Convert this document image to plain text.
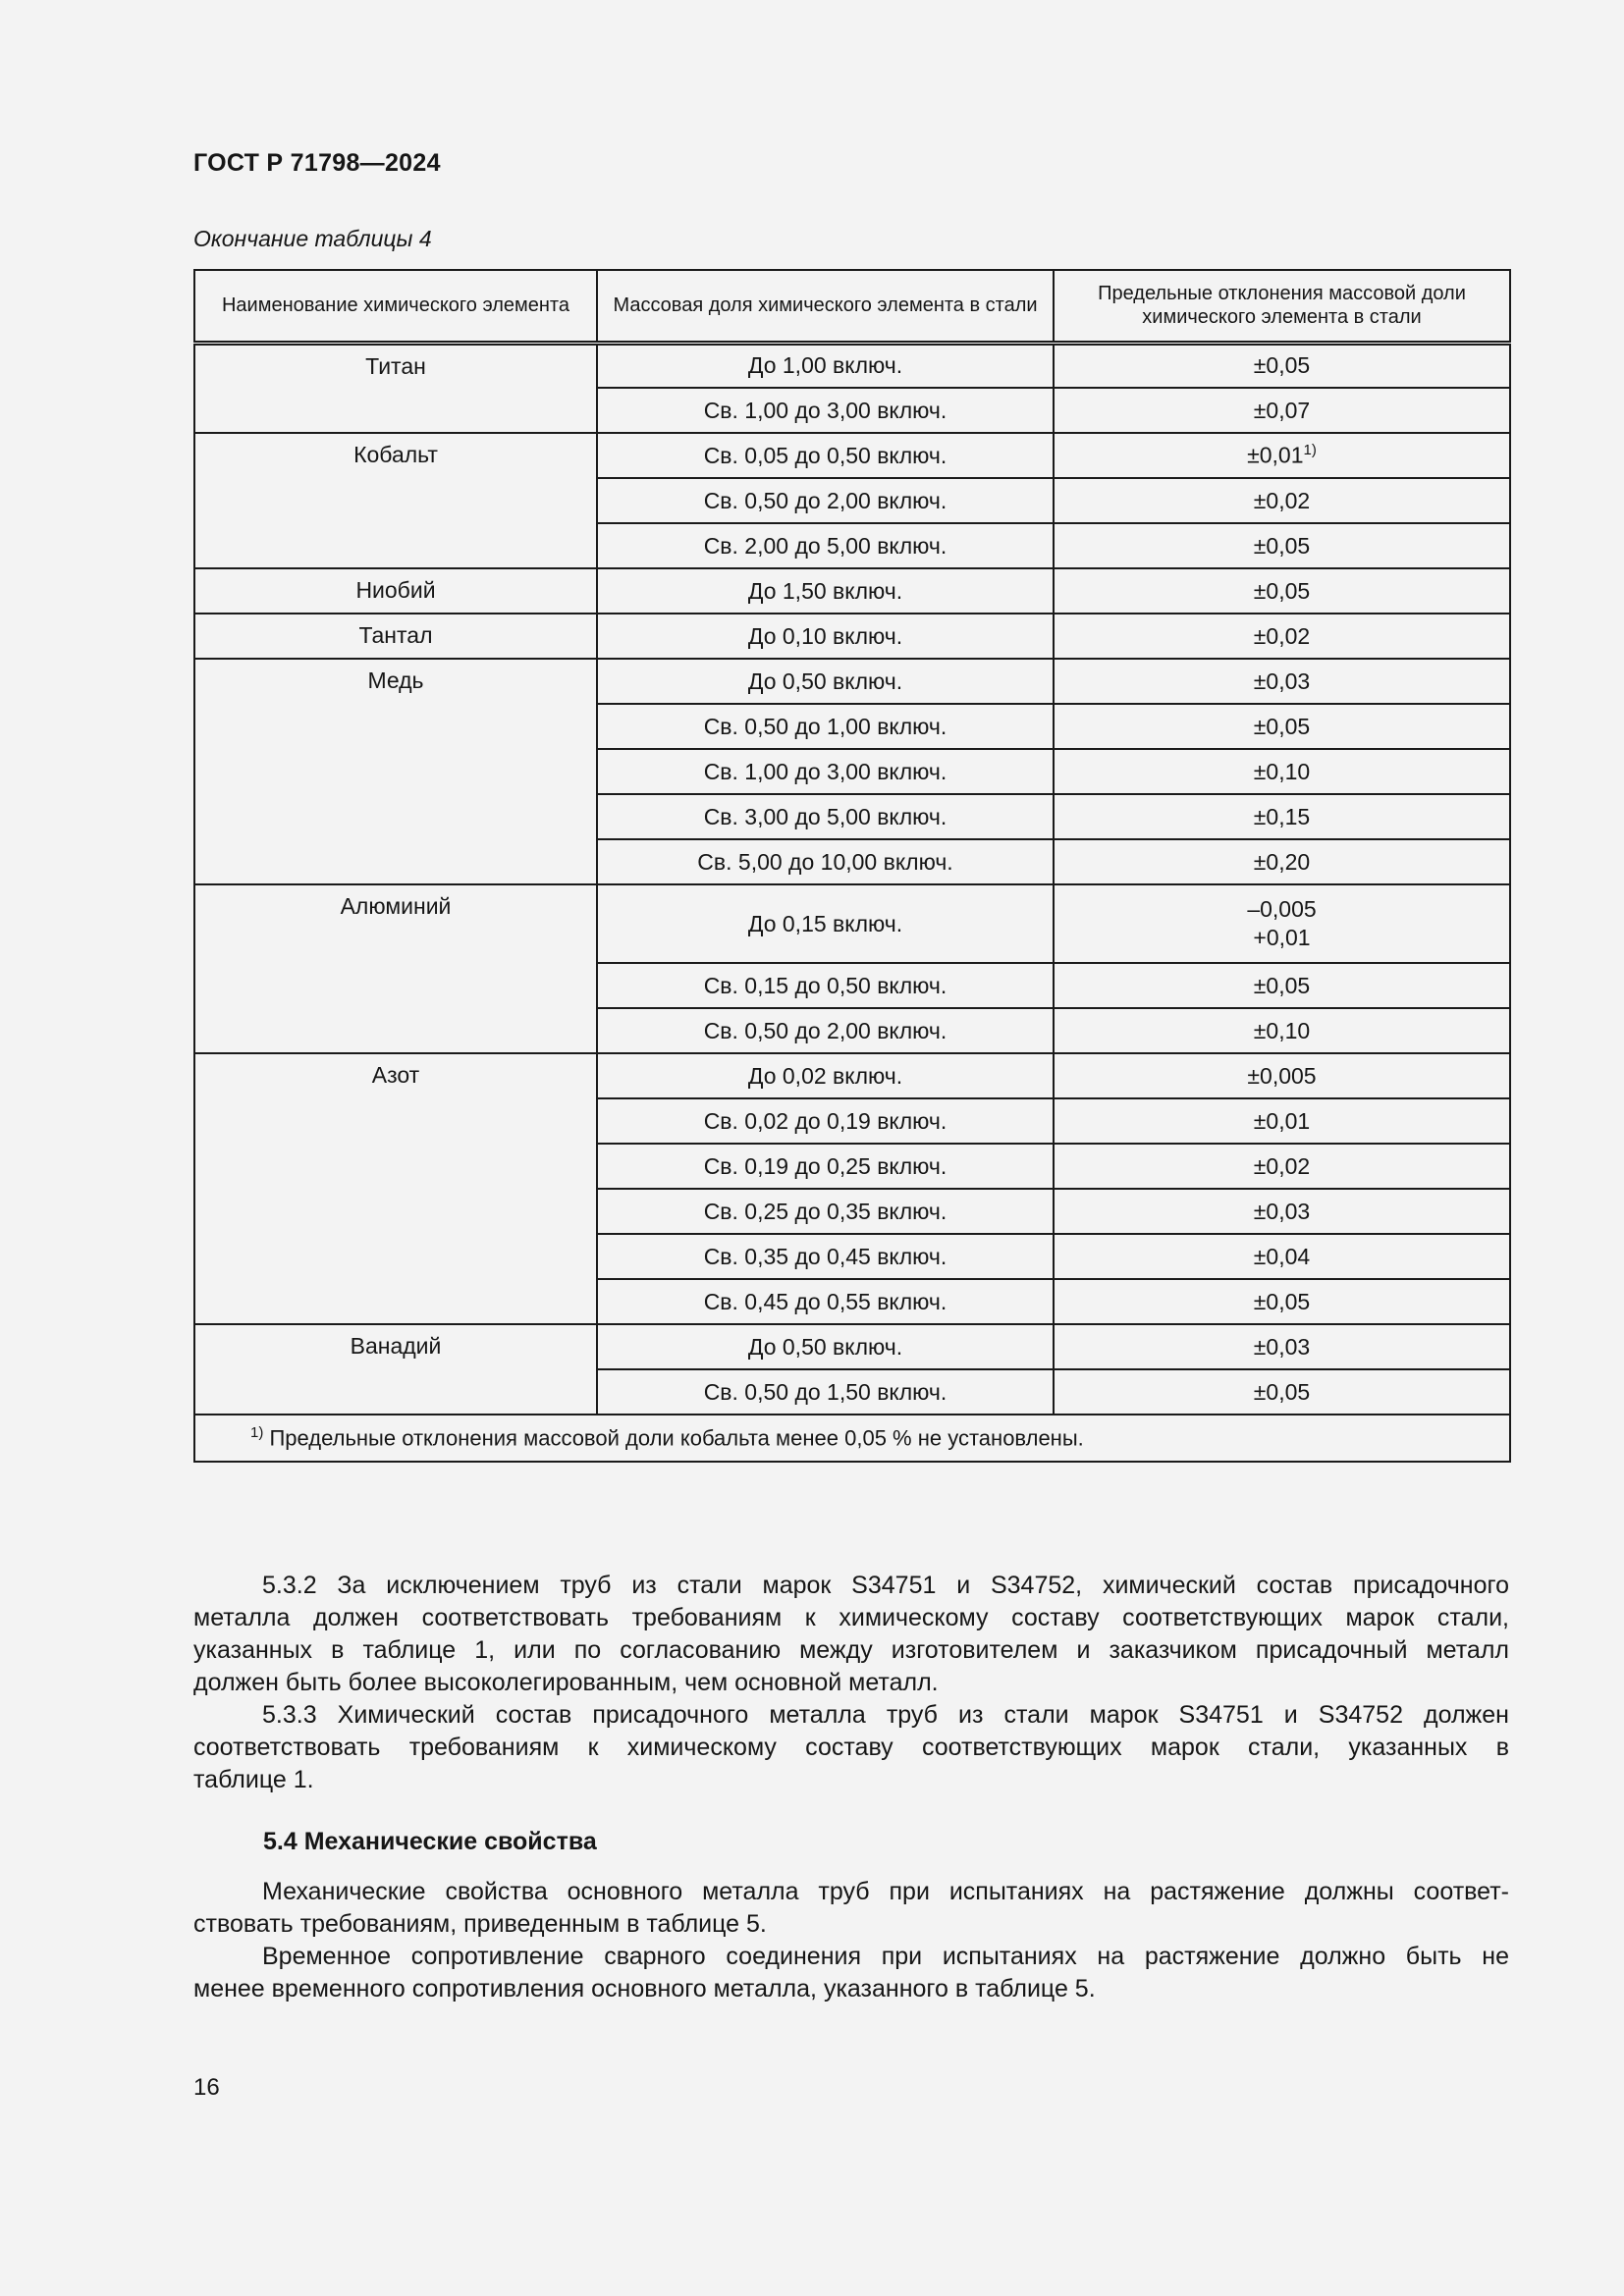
ГОСТ Р 71798—2024
Окончание таблицы 4
Наименование химического элемента	Массовая доля химического элемента в стали	Предельные отклонения массовой доли химического элемента в стали
Титан	До 1,00 включ.	±0,05
	Св. 1,00 до 3,00 включ.	±0,07
Кобальт	Св. 0,05 до 0,50 включ.	$\pm 0,01^{1)}$
	Св. 0,50 до 2,00 включ.	±0,02
	Св. 2,00 до 5,00 включ.	±0,05
Ниобий	До 1,50 включ.	±0,05
Тантал	До 0,10 включ.	±0,02
Медь	До 0,50 включ.	±0,03
	Св. 0,50 до 1,00 включ.	±0,05
	Св. 1,00 до 3,00 включ.	±0,10
	Св. 3,00 до 5,00 включ.	±0,15
	Св. 5,00 до 10,00 включ.	±0,20
Алюминий	До 0,15 включ.	–0,005
+0,01
	Св. 0,15 до 0,50 включ.	±0,05
	Св. 0,50 до 2,00 включ.	±0,10
Азот	До 0,02 включ.	±0,005
	Св. 0,02 до 0,19 включ.	±0,01
	Св. 0,19 до 0,25 включ.	±0,02
	Св. 0,25 до 0,35 включ.	±0,03
	Св. 0,35 до 0,45 включ.	±0,04
	Св. 0,45 до 0,55 включ.	±0,05
Ванадий	До 0,50 включ.	±0,03
	Св. 0,50 до 1,50 включ.	±0,05
$^{1)}$ Предельные отклонения массовой доли кобальта менее 0,05 % не установлены.		
5.3.2 За исключением труб из стали марок S34751 и S34752, химический состав присадочного
металла должен соответствовать требованиям к химическому составу соответствующих марок стали,
указанных в таблице 1, или по согласованию между изготовителем и заказчиком присадочный металл
должен быть более высоколегированным, чем основной металл.
5.3.3 Химический состав присадочного металла труб из стали марок S34751 и S34752 должен
соответствовать требованиям к химическому составу соответствующих марок стали, указанных в
таблице 1.
5.4 Механические свойства
Механические свойства основного металла труб при испытаниях на растяжение должны соответ-
ствовать требованиям, приведенным в таблице 5.
Временное сопротивление сварного соединения при испытаниях на растяжение должно быть не
менее временного сопротивления основного металла, указанного в таблице 5.
16
